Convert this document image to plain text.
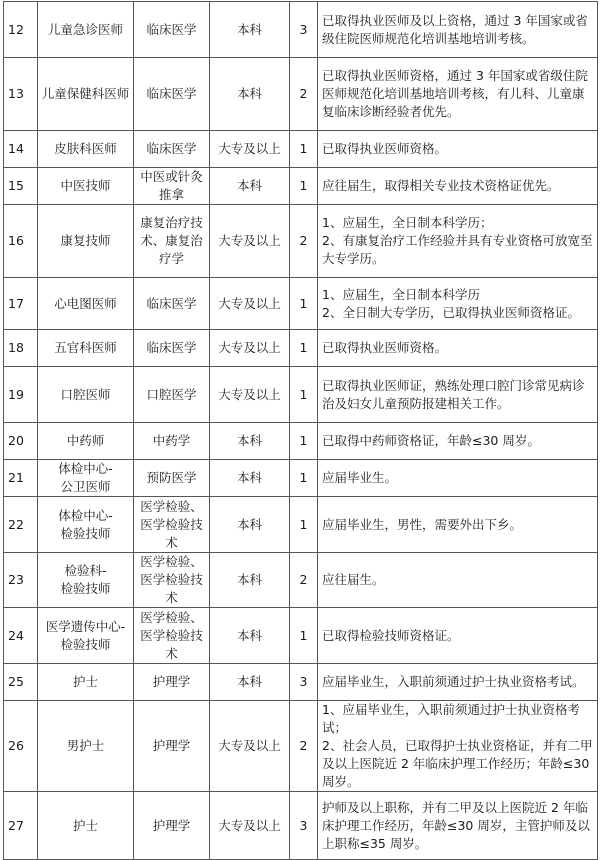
12	儿童急诊医师	临床医学	本科	3	已取得执业医师及以上资格，通过 3 年国家或省级住院医师规范化培训基地培训考核。
13	儿童保健科医师	临床医学	本科	2	已取得执业医师资格，通过 3 年国家或省级住院医师规范化培训基地培训考核，有儿科、儿童康复临床诊断经验者优先。
14	皮肤科医师	临床医学	大专及以上	1	已取得执业医师资格。
15	中医技师	中医或针灸推拿	本科	1	应往届生，取得相关专业技术资格证优先。
16	康复技师	康复治疗技术、康复治疗学	大专及以上	2	1、应届生，全日制本科学历；
2、有康复治疗工作经验并具有专业资格可放宽至大专学历。
17	心电图医师	临床医学	大专及以上	1	1、应届生，全日制本科学历
2、全日制大专学历，已取得执业医师资格证。
18	五官科医师	临床医学	大专及以上	1	已取得执业医师资格。
19	口腔医师	口腔医学	大专及以上	1	已取得执业医师证，熟练处理口腔门诊常见病诊治及妇女儿童预防报建相关工作。
20	中药师	中药学	本科	1	已取得中药师资格证，年龄≤30 周岁。
21	体检中心-
公卫医师	预防医学	本科	1	应届毕业生。
22	体检中心-
检验技师	医学检验、医学检验技术	本科	1	应届毕业生，男性，需要外出下乡。
23	检验科-
检验技师	医学检验、医学检验技术	本科	2	应往届生。
24	医学遗传中心-
检验技师	医学检验、医学检验技术	本科	1	已取得检验技师资格证。
25	护士	护理学	本科	3	应届毕业生，入职前须通过护士执业资格考试。
26	男护士	护理学	大专及以上	2	1、应届毕业生，入职前须通过护士执业资格考试；
2、社会人员，已取得护士执业资格证，并有二甲及以上医院近 2 年临床护理工作经历；年龄≤30 周岁。
27	护士	护理学	大专及以上	3	护师及以上职称，并有二甲及以上医院近 2 年临床护理工作经历，年龄≤30 周岁，主管护师及以上职称≤35 周岁。
